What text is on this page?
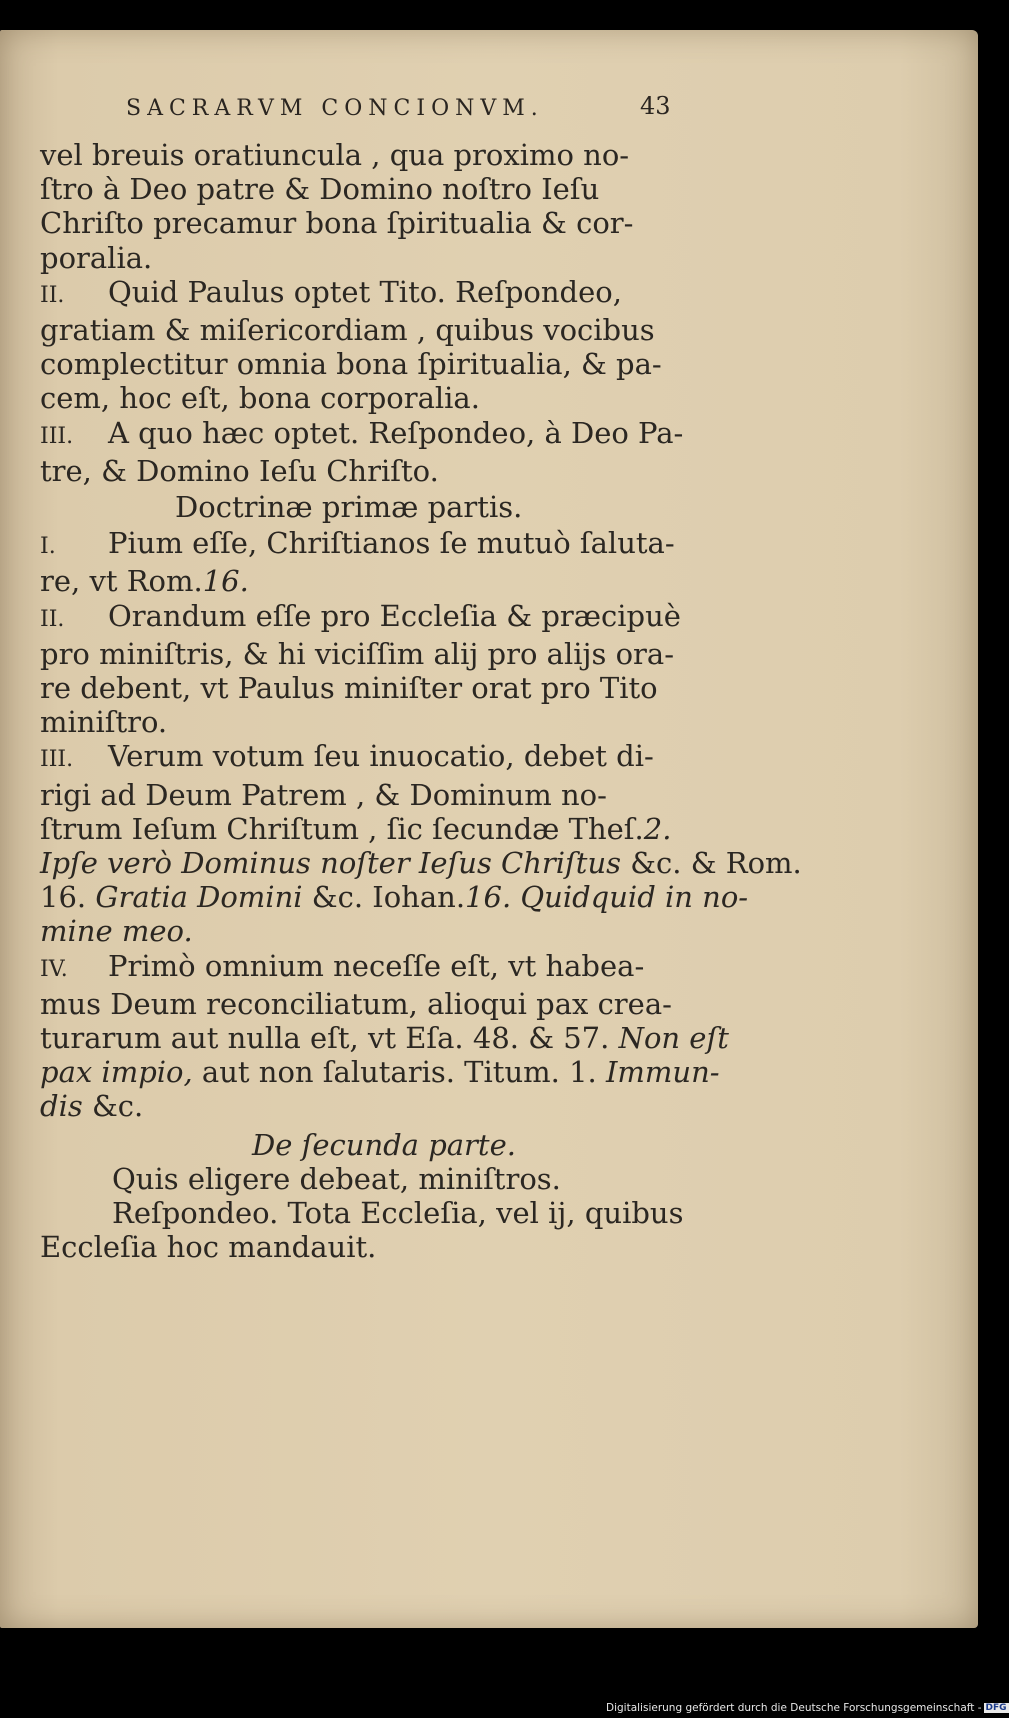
SACRARVM CONCIONVM.	43
vel breuis oratiuncula , qua proximo no-
ſtro à Deo patre & Domino noſtro Ieſu
Chriſto precamur bona ſpiritualia & cor-
poralia.
II. Quid Paulus optet Tito. Reſpondeo,
gratiam & miſericordiam , quibus vocibus
complectitur omnia bona ſpiritualia, & pa-
cem, hoc eſt, bona corporalia.
III. A quo hæc optet. Reſpondeo, à Deo Pa-
tre, & Domino Ieſu Chriſto.
Doctrinæ primæ partis.
I. Pium eſſe, Chriſtianos ſe mutuò ſaluta-
re, vt Rom.16.
II. Orandum eſſe pro Eccleſia & præcipuè
pro miniſtris, & hi viciſſim alij pro alijs ora-
re debent, vt Paulus miniſter orat pro Tito
miniſtro.
III. Verum votum ſeu inuocatio, debet di-
rigi ad Deum Patrem , & Dominum no-
ſtrum Ieſum Chriſtum , ſic ſecundæ Theſ.2.
Ipſe verò Dominus noſter Ieſus Chriſtus &c. & Rom.
16. Gratia Domini &c. Iohan.16. Quidquid in no-
mine meo.
IV. Primò omnium neceſſe eſt, vt habea-
mus Deum reconciliatum, alioqui pax crea-
turarum aut nulla eſt, vt Eſa. 48. & 57. Non eſt
pax impio, aut non ſalutaris. Titum. 1. Immun-
dis &c.
De ſecunda parte.
Quis eligere debeat, miniſtros.
Reſpondeo. Tota Eccleſia, vel ij, quibus
Eccleſia hoc mandauit.
Digitalisierung gefördert durch die Deutsche Forschungsgemeinschaft - DFG
